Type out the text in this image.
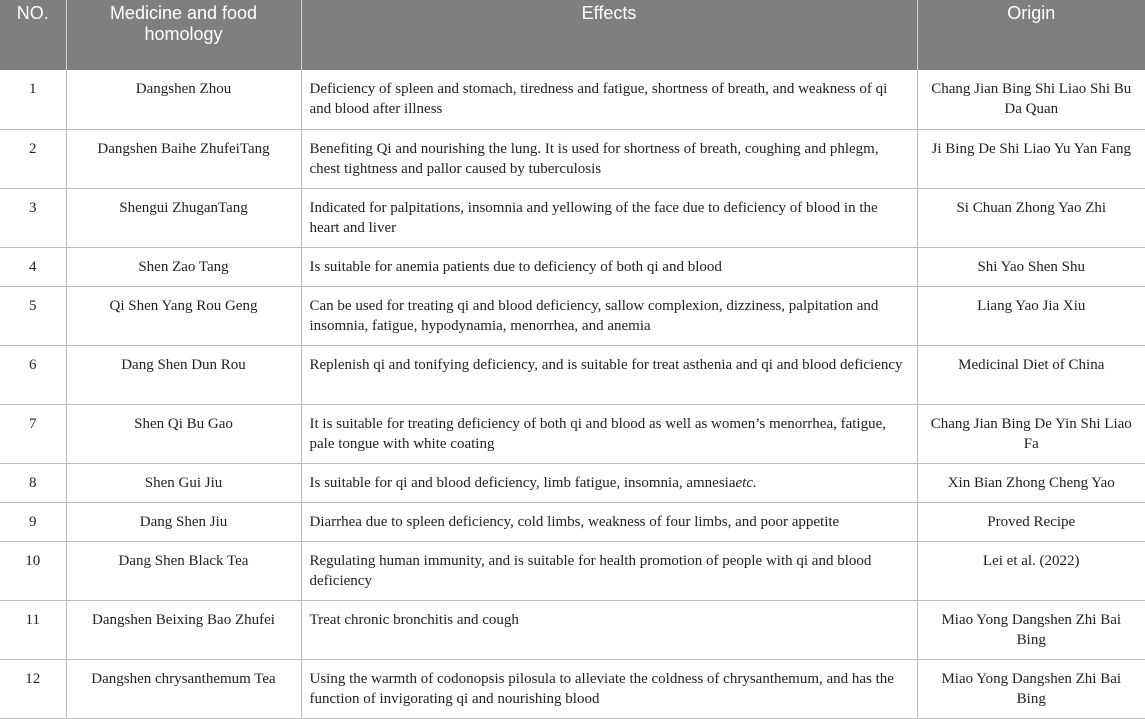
NO.	Medicine and food homology	Effects	Origin
1	Dangshen Zhou	Deficiency of spleen and stomach, tiredness and fatigue, shortness of breath, and weakness of qi and blood after illness	Chang Jian Bing Shi Liao Shi Bu Da Quan
2	Dangshen Baihe ZhufeiTang	Benefiting Qi and nourishing the lung. It is used for shortness of breath, coughing and phlegm, chest tightness and pallor caused by tuberculosis	Ji Bing De Shi Liao Yu Yan Fang
3	Shengui ZhuganTang	Indicated for palpitations, insomnia and yellowing of the face due to deficiency of blood in the heart and liver	Si Chuan Zhong Yao Zhi
4	Shen Zao Tang	Is suitable for anemia patients due to deficiency of both qi and blood	Shi Yao Shen Shu
5	Qi Shen Yang Rou Geng	Can be used for treating qi and blood deficiency, sallow complexion, dizziness, palpitation and insomnia, fatigue, hypodynamia, menorrhea, and anemia	Liang Yao Jia Xiu
6	Dang Shen Dun Rou	Replenish qi and tonifying deficiency, and is suitable for treat asthenia and qi and blood deficiency	Medicinal Diet of China
7	Shen Qi Bu Gao	It is suitable for treating deficiency of both qi and blood as well as women’s menorrhea, fatigue, pale tongue with white coating	Chang Jian Bing De Yin Shi Liao Fa
8	Shen Gui Jiu	Is suitable for qi and blood deficiency, limb fatigue, insomnia, amnesiaetc.	Xin Bian Zhong Cheng Yao
9	Dang Shen Jiu	Diarrhea due to spleen deficiency, cold limbs, weakness of four limbs, and poor appetite	Proved Recipe
10	Dang Shen Black Tea	Regulating human immunity, and is suitable for health promotion of people with qi and blood deficiency	Lei et al. (2022)
11	Dangshen Beixing Bao Zhufei	Treat chronic bronchitis and cough	Miao Yong Dangshen Zhi Bai Bing
12	Dangshen chrysanthemum Tea	Using the warmth of codonopsis pilosula to alleviate the coldness of chrysanthemum, and has the function of invigorating qi and nourishing blood	Miao Yong Dangshen Zhi Bai Bing
